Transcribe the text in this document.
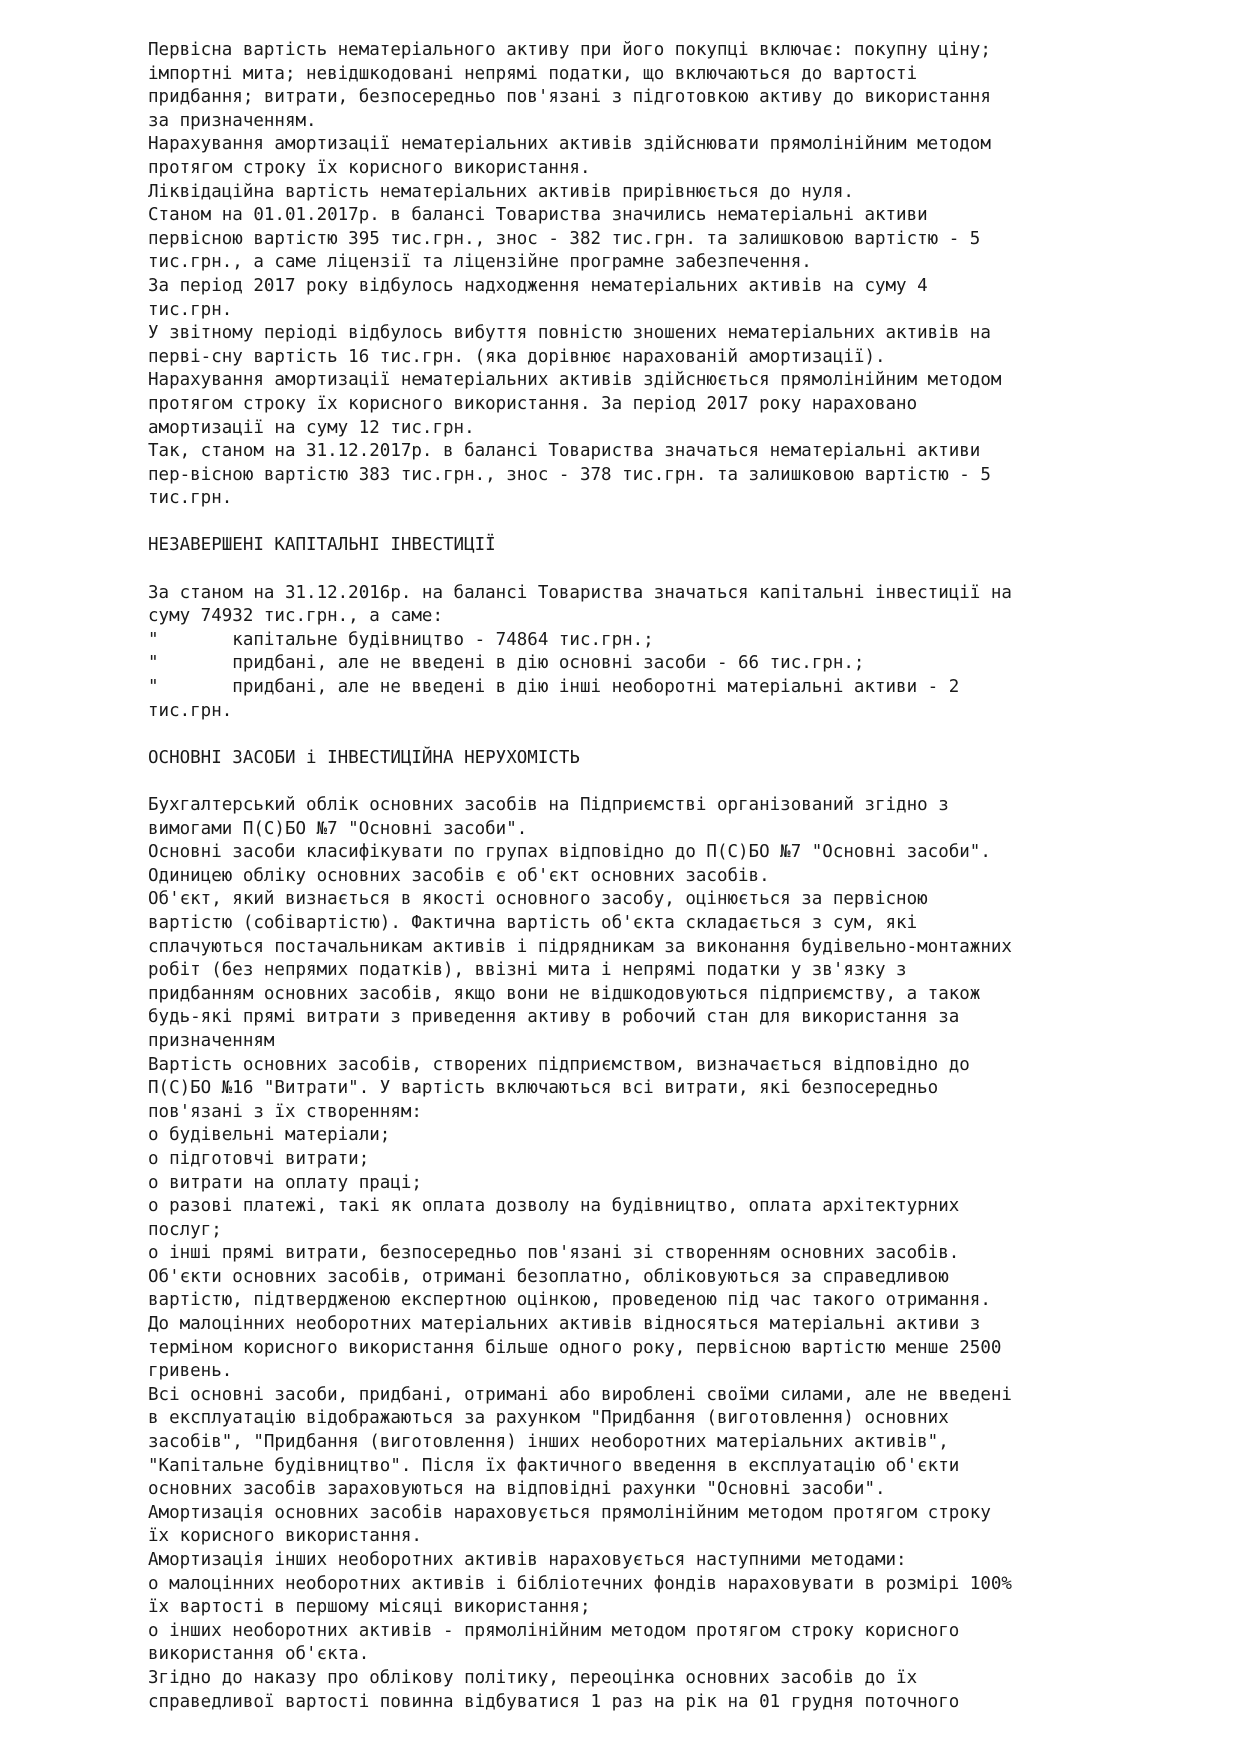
Первісна вартість нематеріального активу при його покупці включає: покупну ціну;
імпортні мита; невідшкодовані непрямі податки, що включаються до вартості
придбання; витрати, безпосередньо пов'язані з підготовкою активу до використання
за призначенням.
Нарахування амортизації нематеріальних активів здійснювати прямолінійним методом
протягом строку їх корисного використання.
Ліквідаційна вартість нематеріальних активів прирівнюється до нуля.
Станом на 01.01.2017р. в балансі Товариства значились нематеріальні активи
первісною вартістю 395 тис.грн., знос - 382 тис.грн. та залишковою вартістю - 5
тис.грн., а саме ліцензії та ліцензійне програмне забезпечення.
За період 2017 року відбулось надходження нематеріальних активів на суму 4
тис.грн.
У звітному періоді відбулось вибуття повністю зношених нематеріальних активів на
перві-сну вартість 16 тис.грн. (яка дорівнює нарахованій амортизації).
Нарахування амортизації нематеріальних активів здійснюється прямолінійним методом
протягом строку їх корисного використання. За період 2017 року нараховано
амортизації на суму 12 тис.грн.
Так, станом на 31.12.2017р. в балансі Товариства значаться нематеріальні активи
пер-вісною вартістю 383 тис.грн., знос - 378 тис.грн. та залишковою вартістю - 5
тис.грн.
НЕЗАВЕРШЕНІ КАПІТАЛЬНІ ІНВЕСТИЦІЇ
За станом на 31.12.2016р. на балансі Товариства значаться капітальні інвестиції на
суму 74932 тис.грн., а саме:
"       капітальне будівництво - 74864 тис.грн.;
"       придбані, але не введені в дію основні засоби - 66 тис.грн.;
"       придбані, але не введені в дію інші необоротні матеріальні активи - 2
тис.грн.
ОСНОВНІ ЗАСОБИ і ІНВЕСТИЦІЙНА НЕРУХОМІСТЬ
Бухгалтерський облік основних засобів на Підприємстві організований згідно з
вимогами П(С)БО №7 "Основні засоби".
Основні засоби класифікувати по групах відповідно до П(С)БО №7 "Основні засоби".
Одиницею обліку основних засобів є об'єкт основних засобів.
Об'єкт, який визнається в якості основного засобу, оцінюється за первісною
вартістю (собівартістю). Фактична вартість об'єкта складається з сум, які
сплачуються постачальникам активів і підрядникам за виконання будівельно-монтажних
робіт (без непрямих податків), ввізні мита і непрямі податки у зв'язку з
придбанням основних засобів, якщо вони не відшкодовуються підприємству, а також
будь-які прямі витрати з приведення активу в робочий стан для використання за
призначенням
Вартість основних засобів, створених підприємством, визначається відповідно до
П(С)БО №16 "Витрати". У вартість включаються всі витрати, які безпосередньо
пов'язані з їх створенням:
o будівельні матеріали;
o підготовчі витрати;
o витрати на оплату праці;
o разові платежі, такі як оплата дозволу на будівництво, оплата архітектурних
послуг;
o інші прямі витрати, безпосередньо пов'язані зі створенням основних засобів.
Об'єкти основних засобів, отримані безоплатно, обліковуються за справедливою
вартістю, підтвердженою експертною оцінкою, проведеною під час такого отримання.
До малоцінних необоротних матеріальних активів відносяться матеріальні активи з
терміном корисного використання більше одного року, первісною вартістю менше 2500
гривень.
Всі основні засоби, придбані, отримані або вироблені своїми силами, але не введені
в експлуатацію відображаються за рахунком "Придбання (виготовлення) основних
засобів", "Придбання (виготовлення) інших необоротних матеріальних активів",
"Капітальне будівництво". Після їх фактичного введення в експлуатацію об'єкти
основних засобів зараховуються на відповідні рахунки "Основні засоби".
Амортизація основних засобів нараховується прямолінійним методом протягом строку
їх корисного використання.
Амортизація інших необоротних активів нараховується наступними методами:
o малоцінних необоротних активів і бібліотечних фондів нараховувати в розмірі 100%
їх вартості в першому місяці використання;
o інших необоротних активів - прямолінійним методом протягом строку корисного
використання об'єкта.
Згідно до наказу про облікову політику, переоцінка основних засобів до їх
справедливої вартості повинна відбуватися 1 раз на рік на 01 грудня поточного
